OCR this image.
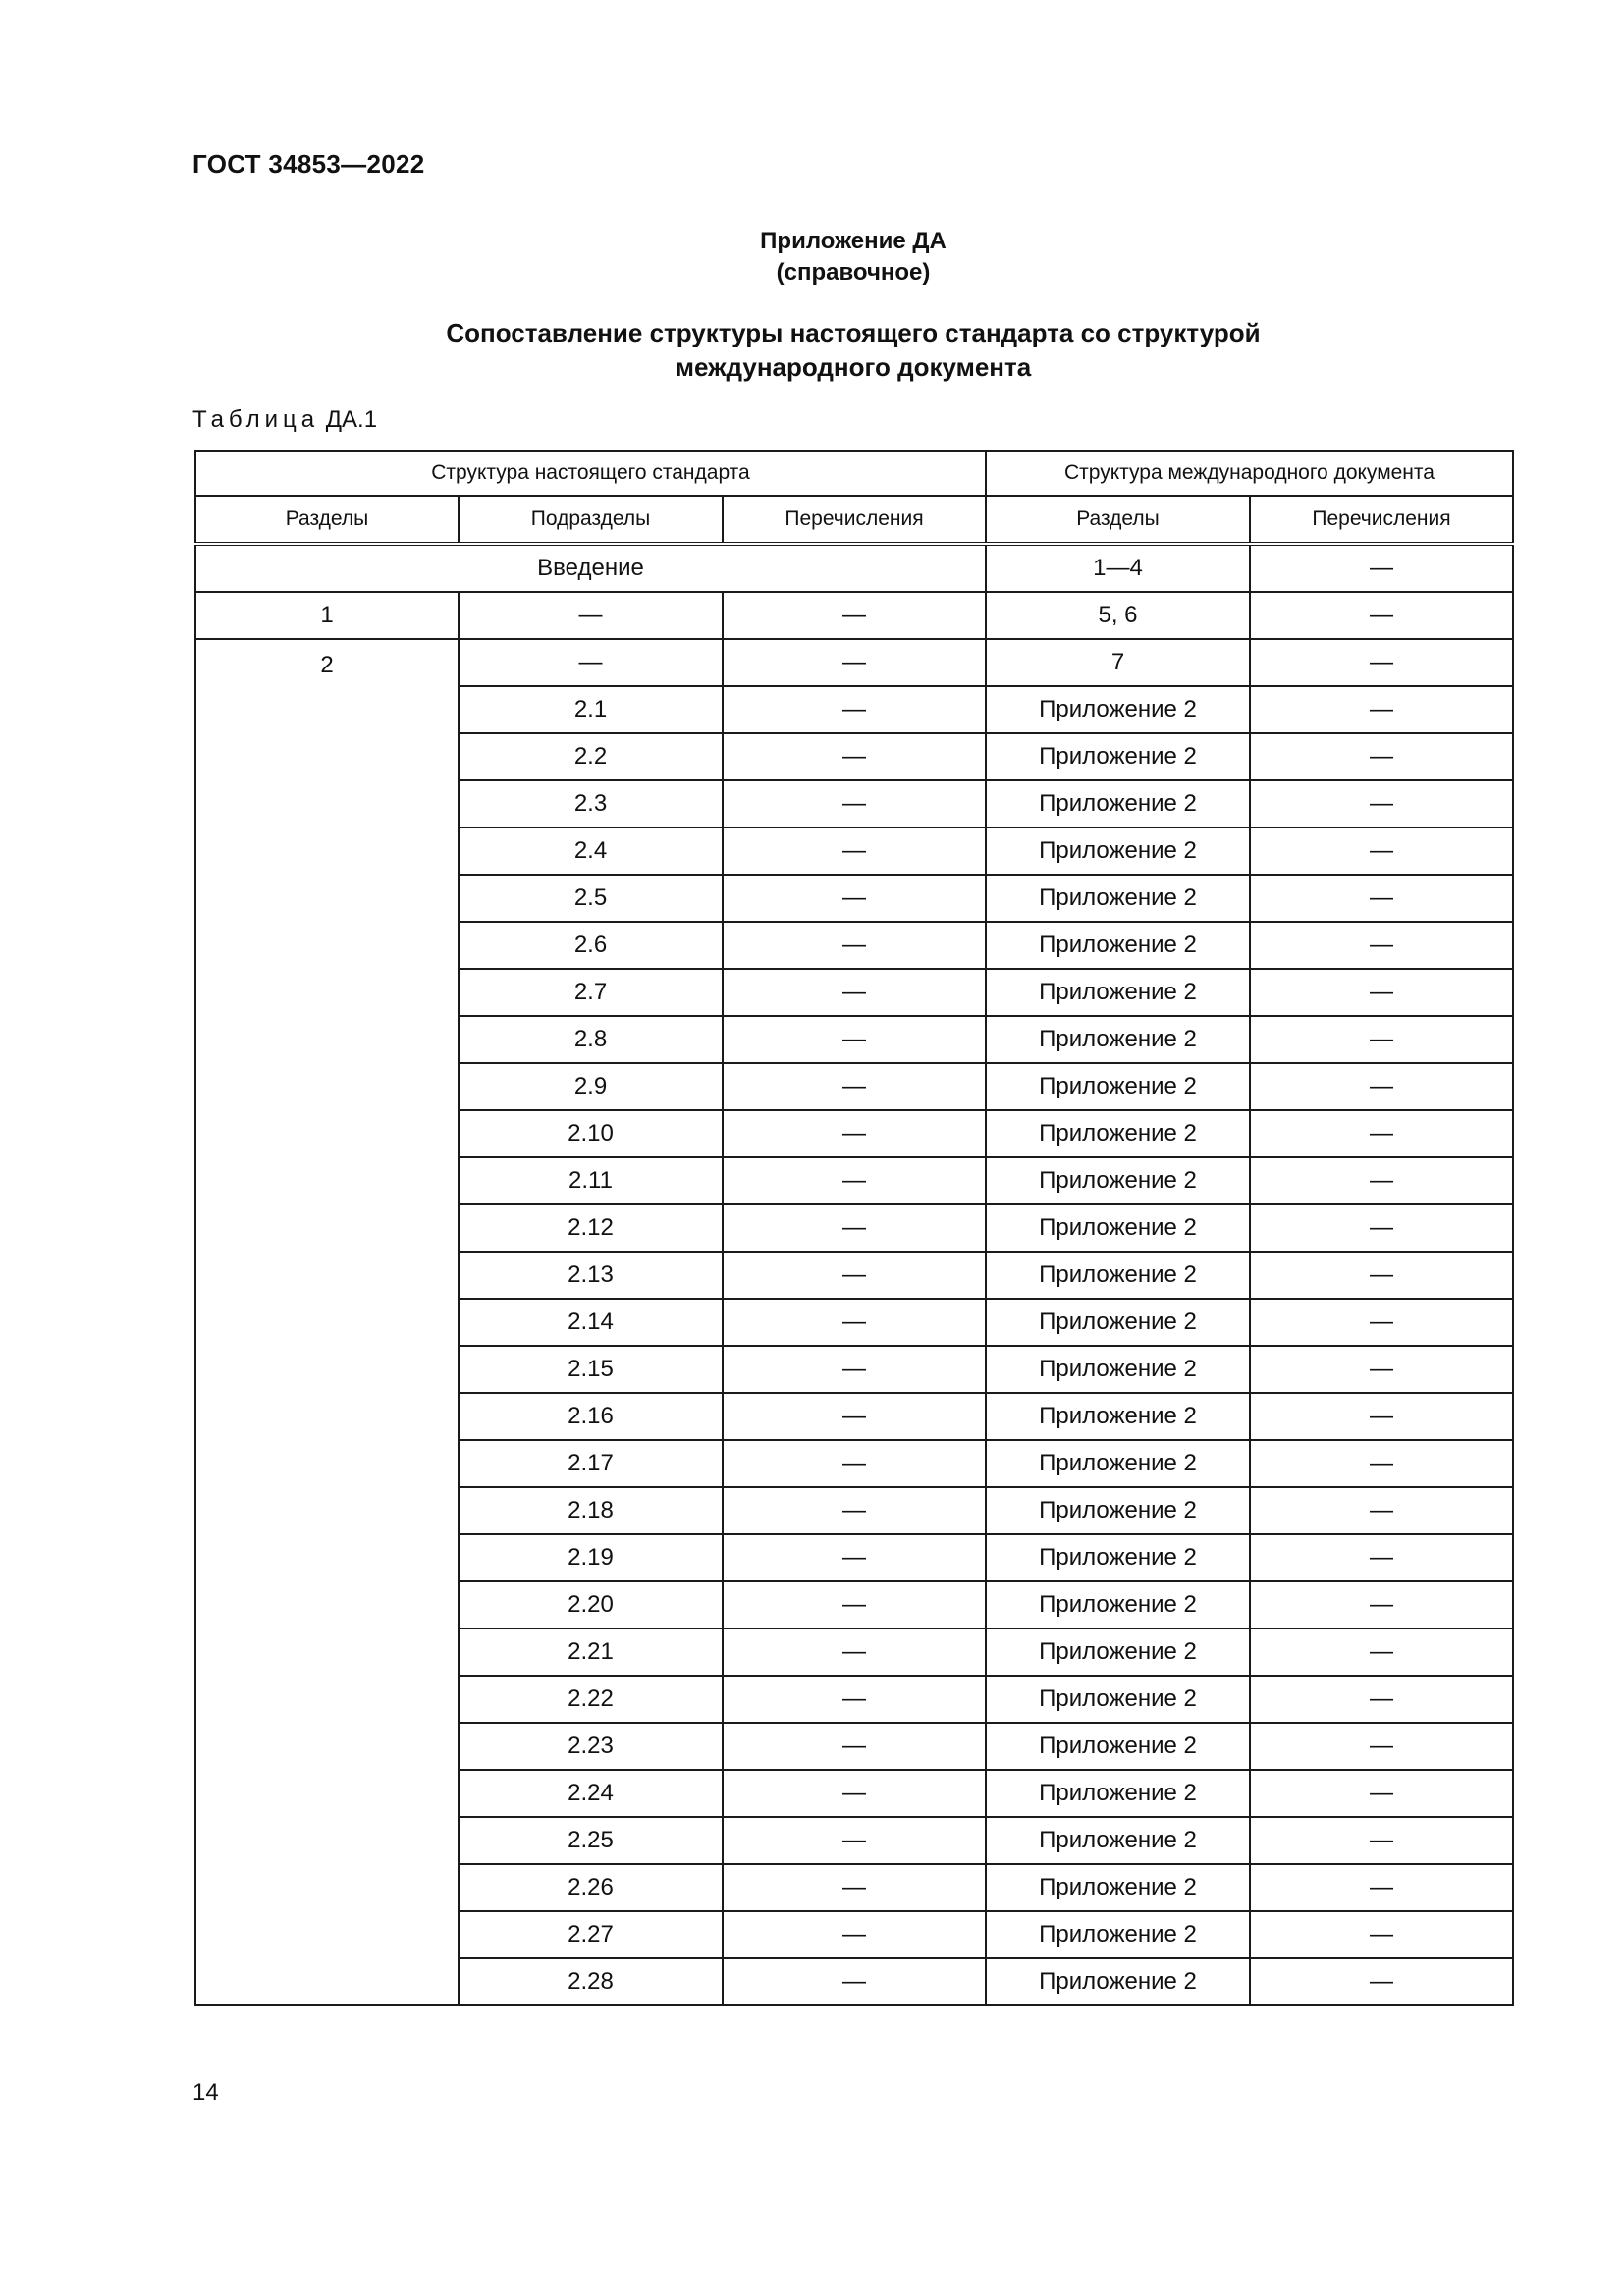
ГОСТ 34853—2022
Приложение ДА
(справочное)
Сопоставление структуры настоящего стандарта со структурой
международного документа
Таблица ДА.1
Структура настоящего стандарта			Структура международного документа	
Разделы	Подразделы	Перечисления	Разделы	Перечисления
Введение			1—4	—
1	—	—	5, 6	—
2	—	—	7	—
	2.1	—	Приложение 2	—
	2.2	—	Приложение 2	—
	2.3	—	Приложение 2	—
	2.4	—	Приложение 2	—
	2.5	—	Приложение 2	—
	2.6	—	Приложение 2	—
	2.7	—	Приложение 2	—
	2.8	—	Приложение 2	—
	2.9	—	Приложение 2	—
	2.10	—	Приложение 2	—
	2.11	—	Приложение 2	—
	2.12	—	Приложение 2	—
	2.13	—	Приложение 2	—
	2.14	—	Приложение 2	—
	2.15	—	Приложение 2	—
	2.16	—	Приложение 2	—
	2.17	—	Приложение 2	—
	2.18	—	Приложение 2	—
	2.19	—	Приложение 2	—
	2.20	—	Приложение 2	—
	2.21	—	Приложение 2	—
	2.22	—	Приложение 2	—
	2.23	—	Приложение 2	—
	2.24	—	Приложение 2	—
	2.25	—	Приложение 2	—
	2.26	—	Приложение 2	—
	2.27	—	Приложение 2	—
	2.28	—	Приложение 2	—
14
